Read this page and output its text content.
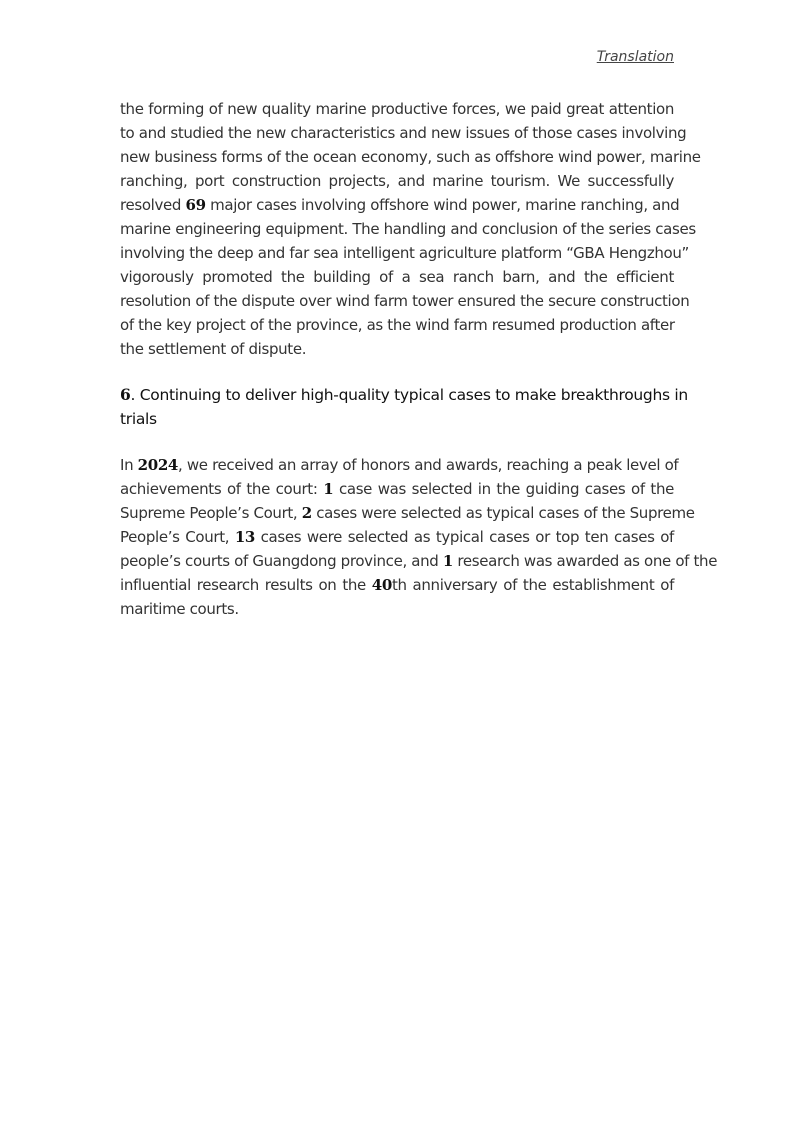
Translation
the forming of new quality marine productive forces, we paid great attention
to and studied the new characteristics and new issues of those cases involving
new business forms of the ocean economy, such as offshore wind power, marine
ranching, port construction projects, and marine tourism. We successfully
resolved 69 major cases involving offshore wind power, marine ranching, and
marine engineering equipment. The handling and conclusion of the series cases
involving the deep and far sea intelligent agriculture platform “GBA Hengzhou”
vigorously promoted the building of a sea ranch barn, and the efficient
resolution of the dispute over wind farm tower ensured the secure construction
of the key project of the province, as the wind farm resumed production after
the settlement of dispute.
6. Continuing to deliver high-quality typical cases to make breakthroughs in
trials
In 2024, we received an array of honors and awards, reaching a peak level of
achievements of the court: 1 case was selected in the guiding cases of the
Supreme People’s Court, 2 cases were selected as typical cases of the Supreme
People’s Court, 13 cases were selected as typical cases or top ten cases of
people’s courts of Guangdong province, and 1 research was awarded as one of the
influential research results on the 40th anniversary of the establishment of
maritime courts.
